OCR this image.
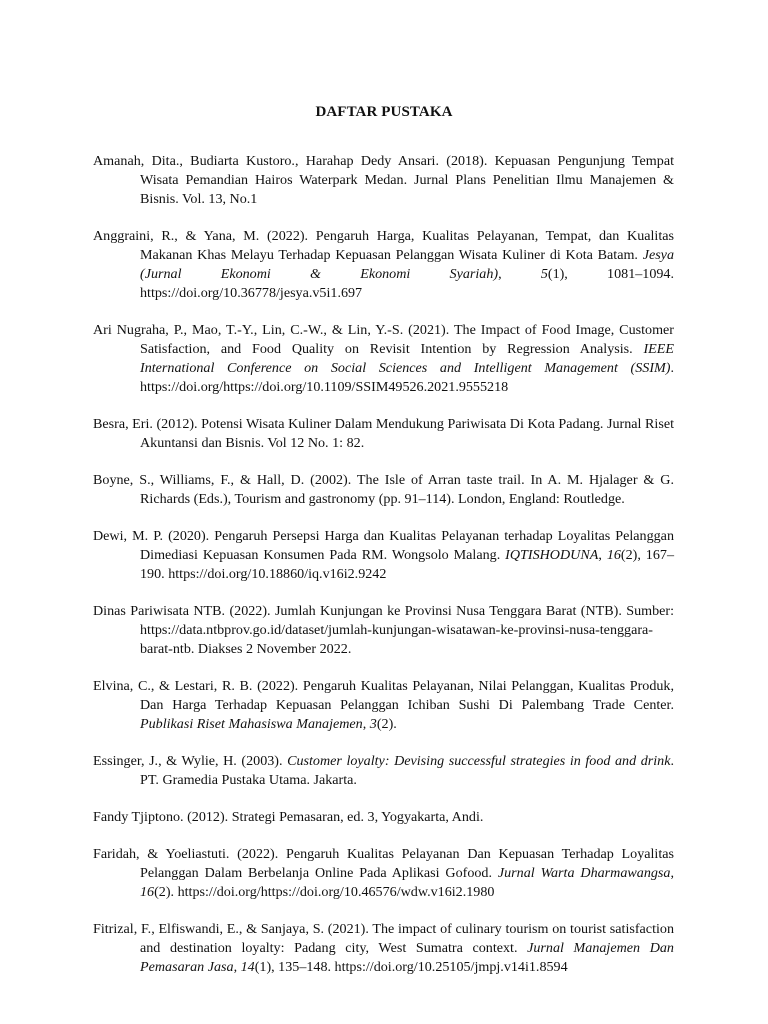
DAFTAR PUSTAKA

Amanah, Dita., Budiarta Kustoro., Harahap Dedy Ansari. (2018). Kepuasan Pengunjung Tempat Wisata Pemandian Hairos Waterpark Medan. Jurnal Plans Penelitian Ilmu Manajemen & Bisnis. Vol. 13, No.1

Anggraini, R., & Yana, M. (2022). Pengaruh Harga, Kualitas Pelayanan, Tempat, dan Kualitas Makanan Khas Melayu Terhadap Kepuasan Pelanggan Wisata Kuliner di Kota Batam. Jesya (Jurnal Ekonomi & Ekonomi Syariah), 5(1), 1081–1094. https://doi.org/10.36778/jesya.v5i1.697

Ari Nugraha, P., Mao, T.-Y., Lin, C.-W., & Lin, Y.-S. (2021). The Impact of Food Image, Customer Satisfaction, and Food Quality on Revisit Intention by Regression Analysis. IEEE International Conference on Social Sciences and Intelligent Management (SSIM). https://doi.org/https://doi.org/10.1109/SSIM49526.2021.9555218

Besra, Eri. (2012). Potensi Wisata Kuliner Dalam Mendukung Pariwisata Di Kota Padang. Jurnal Riset Akuntansi dan Bisnis. Vol 12 No. 1: 82.

Boyne, S., Williams, F., & Hall, D. (2002). The Isle of Arran taste trail. In A. M. Hjalager & G. Richards (Eds.), Tourism and gastronomy (pp. 91–114). London, England: Routledge.

Dewi, M. P. (2020). Pengaruh Persepsi Harga dan Kualitas Pelayanan terhadap Loyalitas Pelanggan Dimediasi Kepuasan Konsumen Pada RM. Wongsolo Malang. IQTISHODUNA, 16(2), 167–190. https://doi.org/10.18860/iq.v16i2.9242

Dinas Pariwisata NTB. (2022). Jumlah Kunjungan ke Provinsi Nusa Tenggara Barat (NTB). Sumber: https://data.ntbprov.go.id/dataset/jumlah-kunjungan-wisatawan-ke-provinsi-nusa-tenggara-barat-ntb. Diakses 2 November 2022.

Elvina, C., & Lestari, R. B. (2022). Pengaruh Kualitas Pelayanan, Nilai Pelanggan, Kualitas Produk, Dan Harga Terhadap Kepuasan Pelanggan Ichiban Sushi Di Palembang Trade Center. Publikasi Riset Mahasiswa Manajemen, 3(2).

Essinger, J., & Wylie, H. (2003). Customer loyalty: Devising successful strategies in food and drink. PT. Gramedia Pustaka Utama. Jakarta.

Fandy Tjiptono. (2012). Strategi Pemasaran, ed. 3, Yogyakarta, Andi.

Faridah, & Yoeliastuti. (2022). Pengaruh Kualitas Pelayanan Dan Kepuasan Terhadap Loyalitas Pelanggan Dalam Berbelanja Online Pada Aplikasi Gofood. Jurnal Warta Dharmawangsa, 16(2). https://doi.org/https://doi.org/10.46576/wdw.v16i2.1980

Fitrizal, F., Elfiswandi, E., & Sanjaya, S. (2021). The impact of culinary tourism on tourist satisfaction and destination loyalty: Padang city, West Sumatra context. Jurnal Manajemen Dan Pemasaran Jasa, 14(1), 135–148. https://doi.org/10.25105/jmpj.v14i1.8594
